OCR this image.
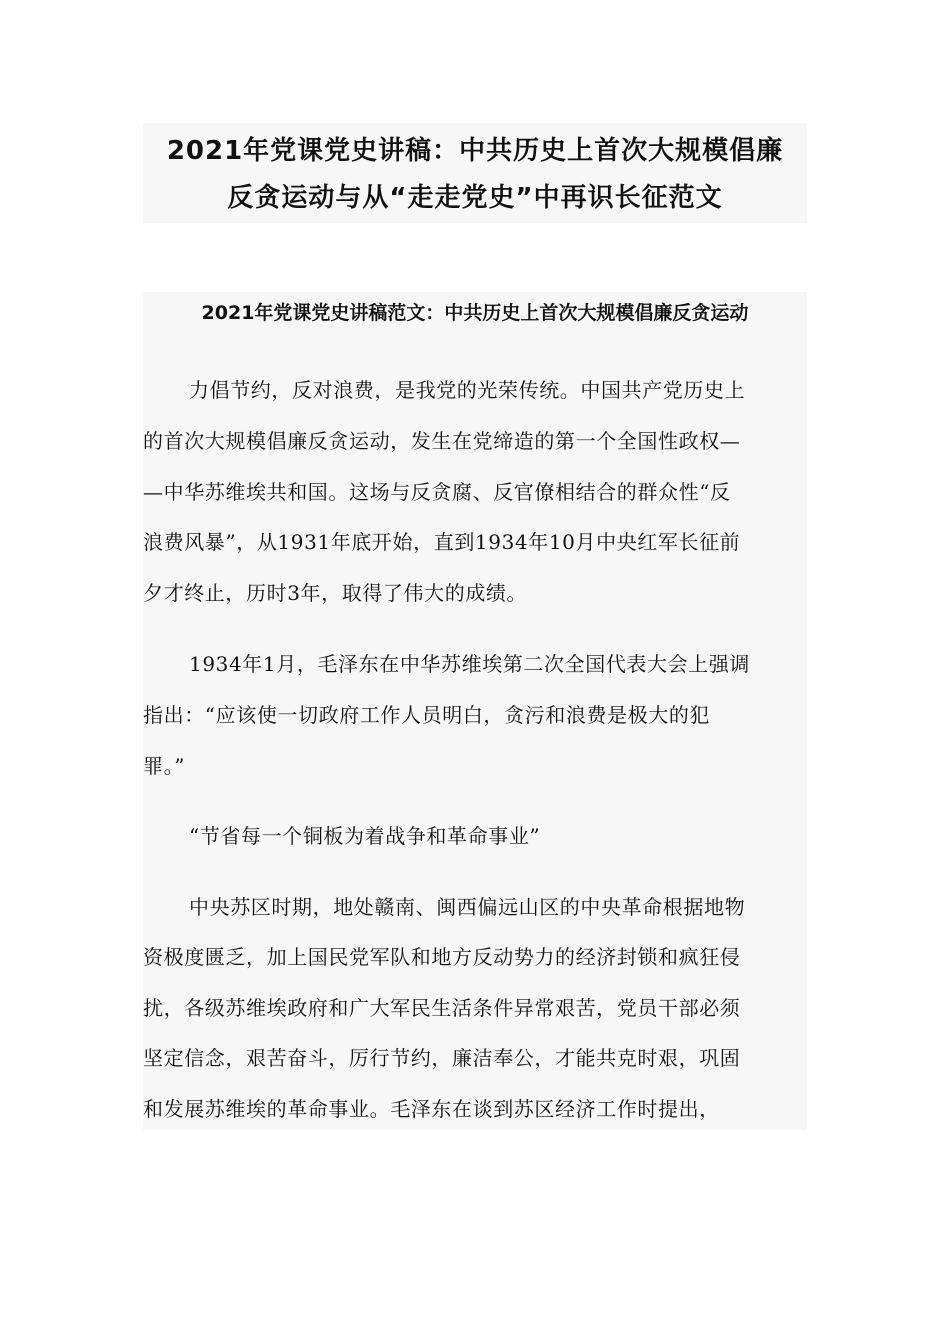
2021年党课党史讲稿：中共历史上首次大规模倡廉
反贪运动与从“走走党史”中再识长征范文
2021年党课党史讲稿范文：中共历史上首次大规模倡廉反贪运动
力倡节约，反对浪费，是我党的光荣传统。中国共产党历史上
的首次大规模倡廉反贪运动，发生在党缔造的第一个全国性政权—
—中华苏维埃共和国。这场与反贪腐、反官僚相结合的群众性“反
浪费风暴”，从1931年底开始，直到1934年10月中央红军长征前
夕才终止，历时3年，取得了伟大的成绩。
1934年1月，毛泽东在中华苏维埃第二次全国代表大会上强调
指出：“应该使一切政府工作人员明白，贪污和浪费是极大的犯
罪。”
“节省每一个铜板为着战争和革命事业”
中央苏区时期，地处赣南、闽西偏远山区的中央革命根据地物
资极度匮乏，加上国民党军队和地方反动势力的经济封锁和疯狂侵
扰，各级苏维埃政府和广大军民生活条件异常艰苦，党员干部必须
坚定信念，艰苦奋斗，厉行节约，廉洁奉公，才能共克时艰，巩固
和发展苏维埃的革命事业。毛泽东在谈到苏区经济工作时提出，
